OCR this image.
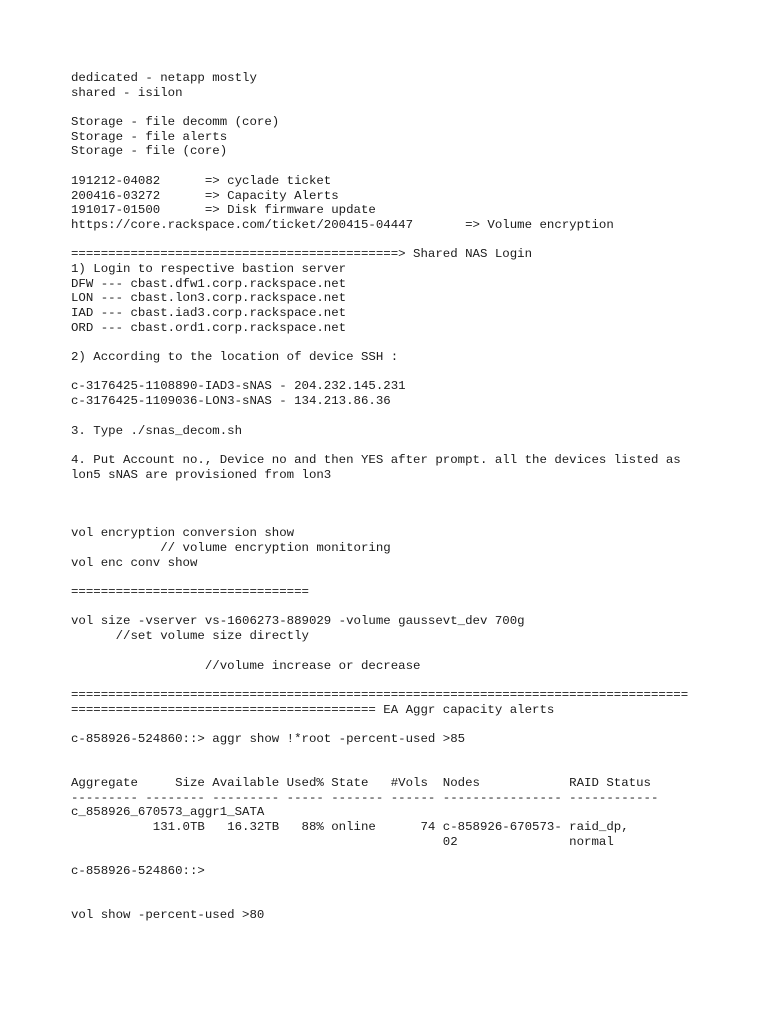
dedicated - netapp mostly
shared - isilon
Storage - file decomm (core)
Storage - file alerts
Storage - file (core)
191212-04082      => cyclade ticket
200416-03272      => Capacity Alerts
191017-01500      => Disk firmware update
https://core.rackspace.com/ticket/200415-04447       => Volume encryption
============================================> Shared NAS Login
1) Login to respective bastion server
DFW --- cbast.dfw1.corp.rackspace.net
LON --- cbast.lon3.corp.rackspace.net
IAD --- cbast.iad3.corp.rackspace.net
ORD --- cbast.ord1.corp.rackspace.net
2) According to the location of device SSH :
c-3176425-1108890-IAD3-sNAS - 204.232.145.231
c-3176425-1109036-LON3-sNAS - 134.213.86.36
3. Type ./snas_decom.sh
4. Put Account no., Device no and then YES after prompt. all the devices listed as
lon5 sNAS are provisioned from lon3
vol encryption conversion show
// volume encryption monitoring
vol enc conv show
================================
vol size -vserver vs-1606273-889029 -volume gaussevt_dev 700g
//set volume size directly
//volume increase or decrease
===================================================================================
========================================= EA Aggr capacity alerts
c-858926-524860::> aggr show !*root -percent-used >85
Aggregate     Size Available Used% State   #Vols  Nodes            RAID Status
--------- -------- --------- ----- ------- ------ ---------------- ------------
c_858926_670573_aggr1_SATA
131.0TB   16.32TB   88% online      74 c-858926-670573- raid_dp,
02               normal
c-858926-524860::>
vol show -percent-used >80
